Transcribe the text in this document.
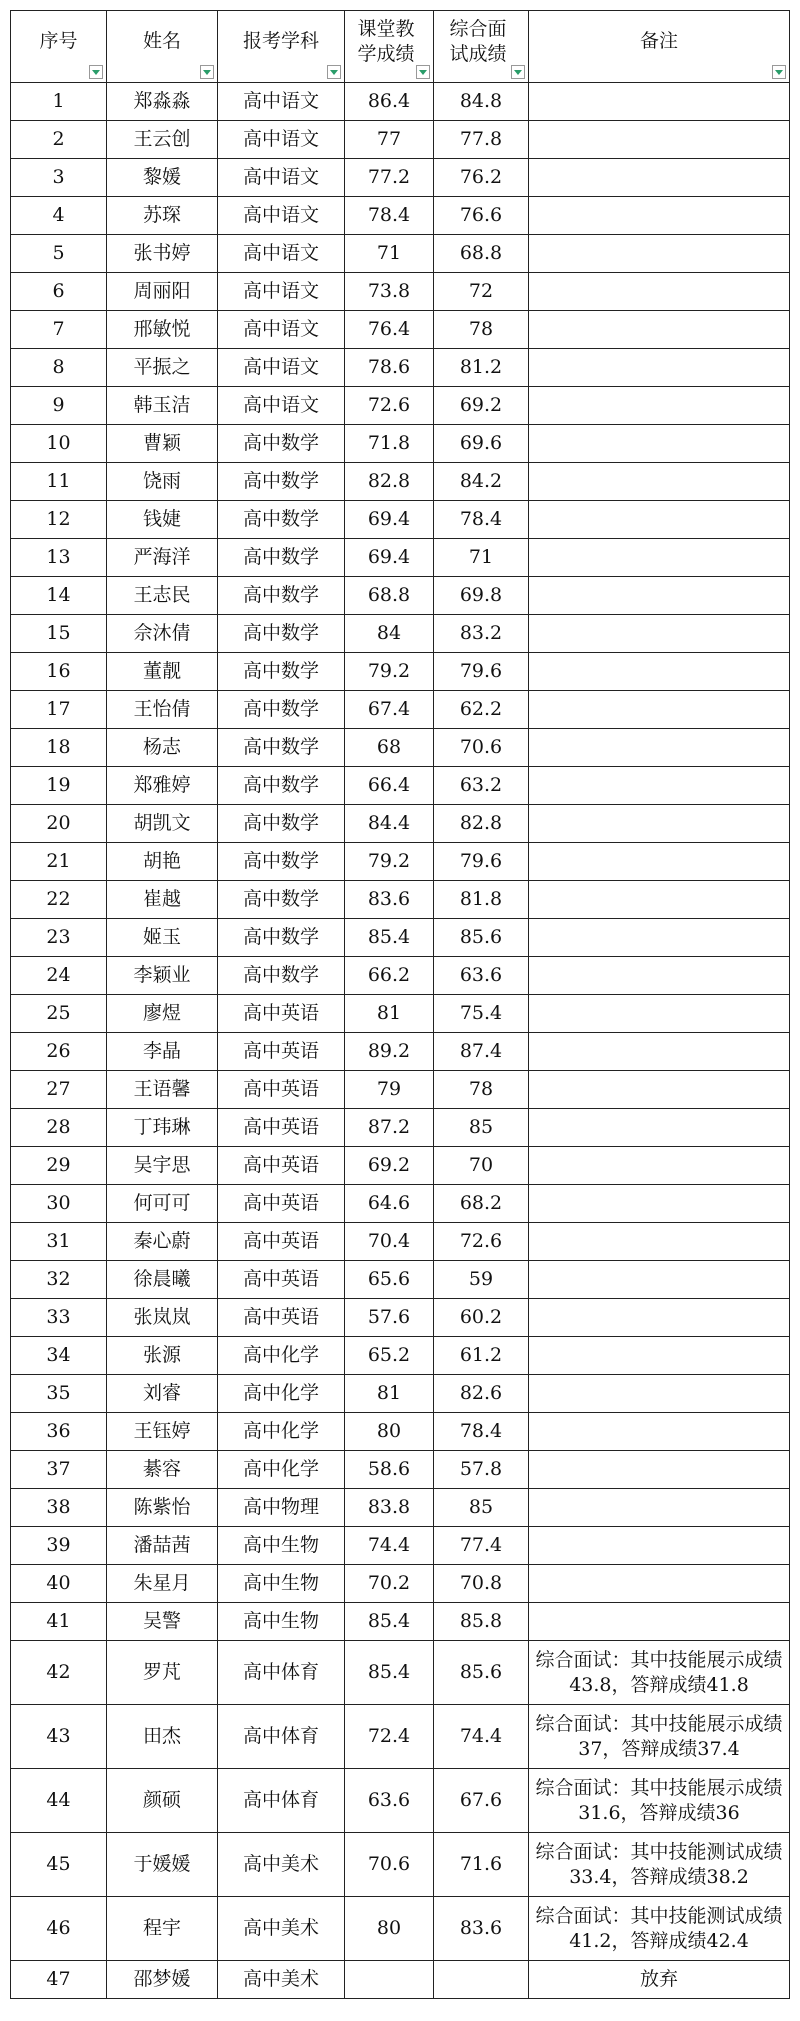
序号	姓名	报考学科	课堂教学成绩	综合面试成绩	备注

1	郑淼淼	高中语文	86.4	84.8	
2	王云创	高中语文	77	77.8	
3	黎媛	高中语文	77.2	76.2	
4	苏琛	高中语文	78.4	76.6	
5	张书婷	高中语文	71	68.8	
6	周丽阳	高中语文	73.8	72	
7	邢敏悦	高中语文	76.4	78	
8	平振之	高中语文	78.6	81.2	
9	韩玉洁	高中语文	72.6	69.2	
10	曹颖	高中数学	71.8	69.6	
11	饶雨	高中数学	82.8	84.2	
12	钱婕	高中数学	69.4	78.4	
13	严海洋	高中数学	69.4	71	
14	王志民	高中数学	68.8	69.8	
15	佘沐倩	高中数学	84	83.2	
16	董靓	高中数学	79.2	79.6	
17	王怡倩	高中数学	67.4	62.2	
18	杨志	高中数学	68	70.6	
19	郑雅婷	高中数学	66.4	63.2	
20	胡凯文	高中数学	84.4	82.8	
21	胡艳	高中数学	79.2	79.6	
22	崔越	高中数学	83.6	81.8	
23	姬玉	高中数学	85.4	85.6	
24	李颖业	高中数学	66.2	63.6	
25	廖煜	高中英语	81	75.4	
26	李晶	高中英语	89.2	87.4	
27	王语馨	高中英语	79	78	
28	丁玮琳	高中英语	87.2	85	
29	吴宇思	高中英语	69.2	70	
30	何可可	高中英语	64.6	68.2	
31	秦心蔚	高中英语	70.4	72.6	
32	徐晨曦	高中英语	65.6	59	
33	张岚岚	高中英语	57.6	60.2	
34	张源	高中化学	65.2	61.2	
35	刘睿	高中化学	81	82.6	
36	王钰婷	高中化学	80	78.4	
37	綦容	高中化学	58.6	57.8	
38	陈紫怡	高中物理	83.8	85	
39	潘喆茜	高中生物	74.4	77.4	
40	朱星月	高中生物	70.2	70.8	
41	吴警	高中生物	85.4	85.8	
42	罗芃	高中体育	85.4	85.6	综合面试：其中技能展示成绩43.8，答辩成绩41.8
43	田杰	高中体育	72.4	74.4	综合面试：其中技能展示成绩37，答辩成绩37.4
44	颜硕	高中体育	63.6	67.6	综合面试：其中技能展示成绩31.6，答辩成绩36
45	于媛媛	高中美术	70.6	71.6	综合面试：其中技能测试成绩33.4，答辩成绩38.2
46	程宇	高中美术	80	83.6	综合面试：其中技能测试成绩41.2，答辩成绩42.4
47	邵梦媛	高中美术			放弃
